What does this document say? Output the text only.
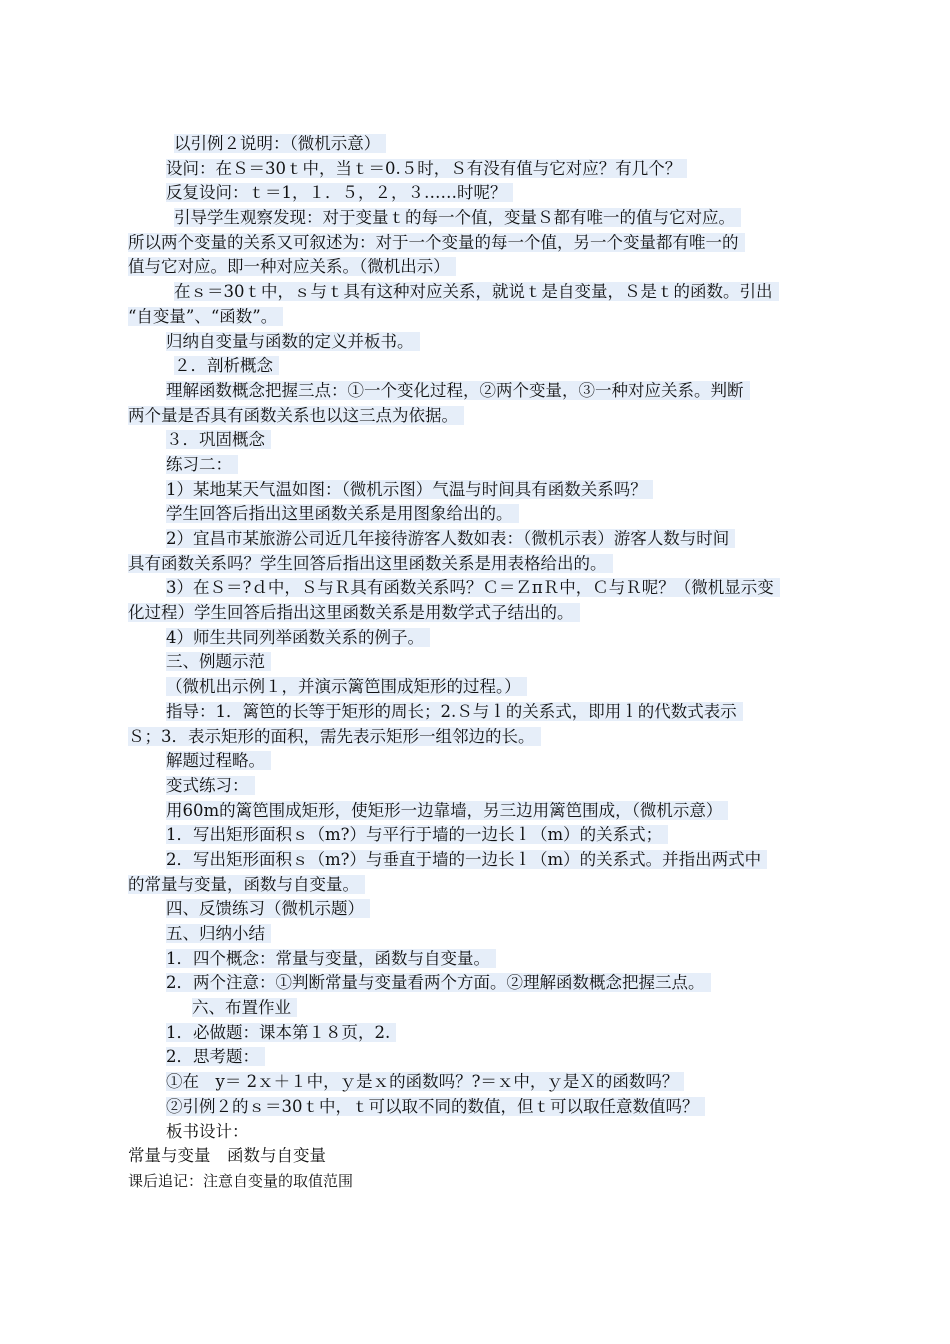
以引例２说明：（微机示意）
设问：在Ｓ＝30ｔ中，当ｔ＝0.５时，Ｓ有没有值与它对应？有几个？
反复设问：ｔ＝1，１．５，２，３……时呢？
引导学生观察发现：对于变量ｔ的每一个值，变量Ｓ都有唯一的值与它对应。
所以两个变量的关系又可叙述为：对于一个变量的每一个值，另一个变量都有唯一的
值与它对应。即一种对应关系。（微机出示）
在ｓ＝30ｔ中，ｓ与ｔ具有这种对应关系，就说ｔ是自变量，Ｓ是ｔ的函数。引出
“自变量”、“函数”。
归纳自变量与函数的定义并板书。
２．剖析概念
理解函数概念把握三点：①一个变化过程，②两个变量，③一种对应关系。判断
两个量是否具有函数关系也以这三点为依据。
３．巩固概念
练习二：
1）某地某天气温如图：（微机示图）气温与时间具有函数关系吗？
学生回答后指出这里函数关系是用图象给出的。
2）宜昌市某旅游公司近几年接待游客人数如表：（微机示表）游客人数与时间
具有函数关系吗？学生回答后指出这里函数关系是用表格给出的。
3）在Ｓ＝?ｄ中，Ｓ与Ｒ具有函数关系吗？Ｃ＝ＺπＲ中，Ｃ与Ｒ呢？（微机显示变
化过程）学生回答后指出这里函数关系是用数学式子结出的。
4）师生共同列举函数关系的例子。
三、例题示范
（微机出示例１，并演示篱笆围成矩形的过程。）
指导：1．篱笆的长等于矩形的周长；2.Ｓ与ｌ的关系式，即用ｌ的代数式表示
Ｓ；3．表示矩形的面积，需先表示矩形一组邻边的长。
解题过程略。
变式练习：
用60m的篱笆围成矩形，使矩形一边靠墙，另三边用篱笆围成，（微机示意）
1．写出矩形面积ｓ（m?）与平行于墙的一边长ｌ（m）的关系式；
2．写出矩形面积ｓ（m?）与垂直于墙的一边长ｌ（m）的关系式。并指出两式中
的常量与变量，函数与自变量。
四、反馈练习（微机示题）
五、归纳小结
1．四个概念：常量与变量，函数与自变量。
2．两个注意：①判断常量与变量看两个方面。②理解函数概念把握三点。
六、布置作业
1．必做题：课本第１８页，2.
2．思考题：
①在　y＝ 2ｘ＋１中，ｙ是ｘ的函数吗？?＝ｘ中，ｙ是Ｘ的函数吗？
②引例２的ｓ＝30ｔ中，ｔ可以取不同的数值，但ｔ可以取任意数值吗？
板书设计：
常量与变量　函数与自变量
课后追记：注意自变量的取值范围
